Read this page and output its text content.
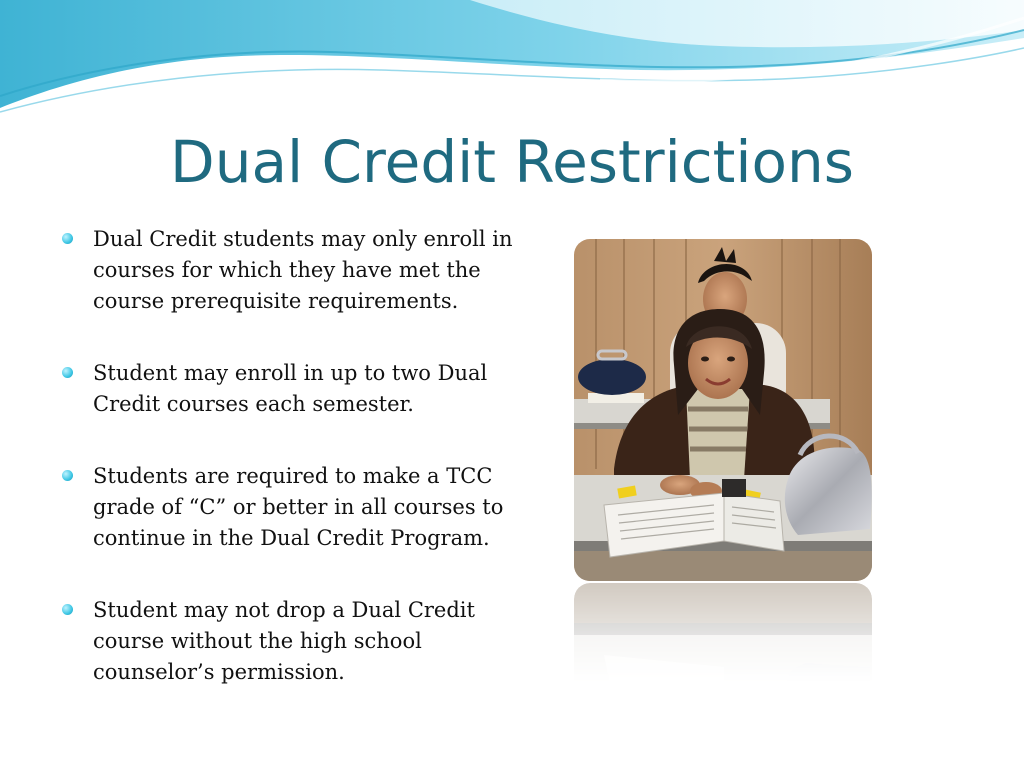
Dual Credit Restrictions
Dual Credit students may only enroll in courses for which they have met the course prerequisite requirements.
Student may enroll in up to two Dual Credit courses each semester.
Students are required to make a TCC grade of “C” or better in all courses to continue in the Dual Credit Program.
Student may not drop a Dual Credit course without the high school counselor’s permission.
